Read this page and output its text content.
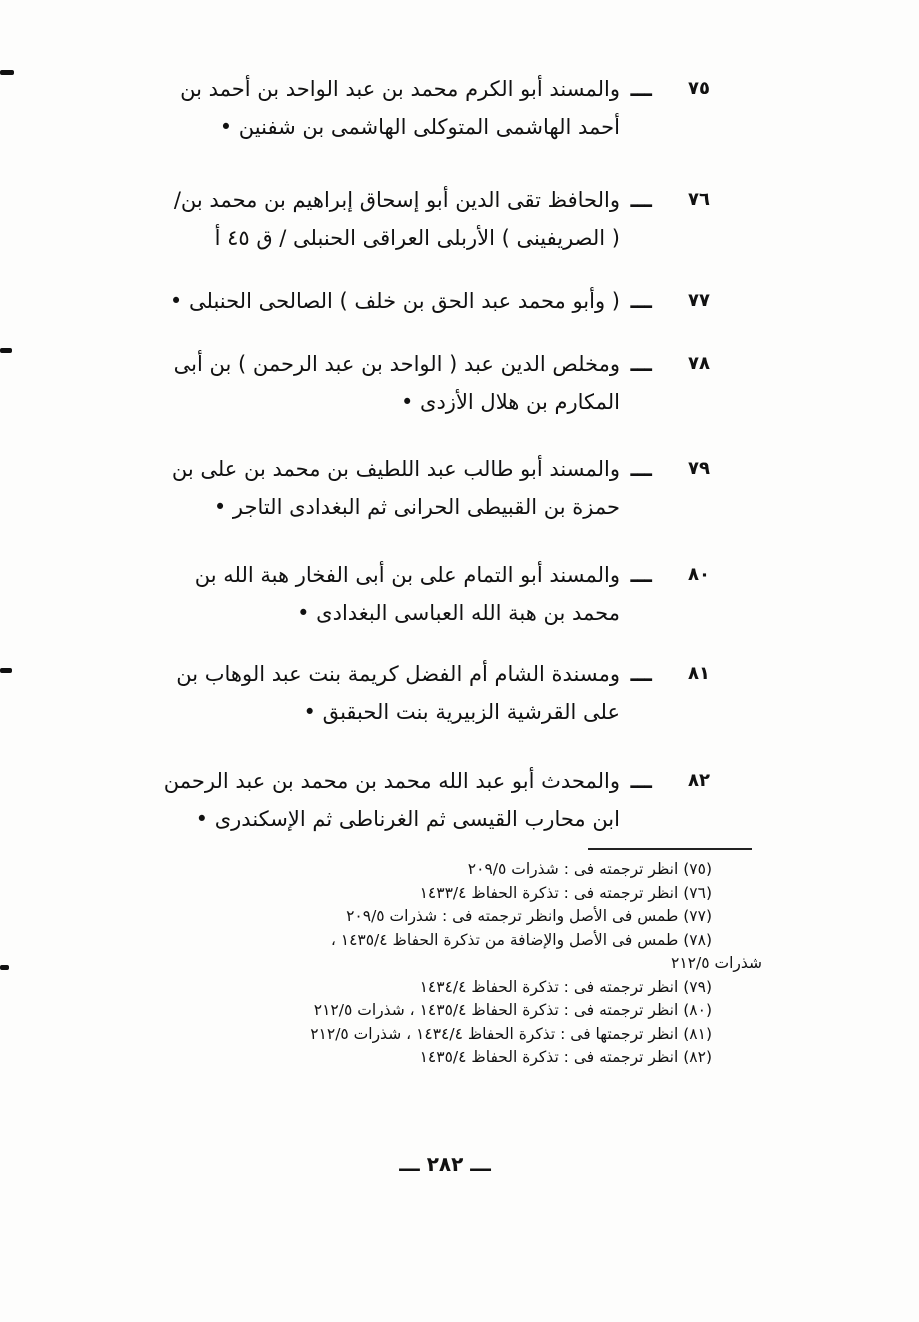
٧٥
ـــ
والمسند أبو الكرم محمد بن عبد الواحد بن أحمد بن
أحمد الهاشمى المتوكلى الهاشمى بن شفنين •
٧٦
ـــ
والحافظ تقى الدين أبو إسحاق إبراهيم بن محمد بن/
( الصريفينى ) الأربلى العراقى الحنبلى / ق ٤٥ أ
٧٧
ـــ
( وأبو محمد عبد الحق بن خلف ) الصالحى الحنبلى •
٧٨
ـــ
ومخلص الدين عبد ( الواحد بن عبد الرحمن ) بن أبى
المكارم بن هلال الأزدى •
٧٩
ـــ
والمسند أبو طالب عبد اللطيف بن محمد بن على بن
حمزة بن القبيطى الحرانى ثم البغدادى التاجر •
٨٠
ـــ
والمسند أبو التمام على بن أبى الفخار هبة الله بن
محمد بن هبة الله العباسى البغدادى •
٨١
ـــ
ومسندة الشام أم الفضل كريمة بنت عبد الوهاب بن
على القرشية الزبيرية بنت الحبقبق •
٨٢
ـــ
والمحدث أبو عبد الله محمد بن محمد بن عبد الرحمن
ابن محارب القيسى ثم الغرناطى ثم الإسكندرى •
(٧٥) انظر ترجمته فى : شذرات ٢٠٩/٥
(٧٦) انظر ترجمته فى : تذكرة الحفاظ ١٤٣٣/٤
(٧٧) طمس فى الأصل وانظر ترجمته فى : شذرات ٢٠٩/٥
(٧٨) طمس فى الأصل والإضافة من تذكرة الحفاظ ١٤٣٥/٤ ،
شذرات ٢١٢/٥
(٧٩) انظر ترجمته فى : تذكرة الحفاظ ١٤٣٤/٤
(٨٠) انظر ترجمته فى : تذكرة الحفاظ ١٤٣٥/٤ ، شذرات ٢١٢/٥
(٨١) انظر ترجمتها فى : تذكرة الحفاظ ١٤٣٤/٤ ، شذرات ٢١٢/٥
(٨٢) انظر ترجمته فى : تذكرة الحفاظ ١٤٣٥/٤
ـــ ٢٨٢ ـــ
